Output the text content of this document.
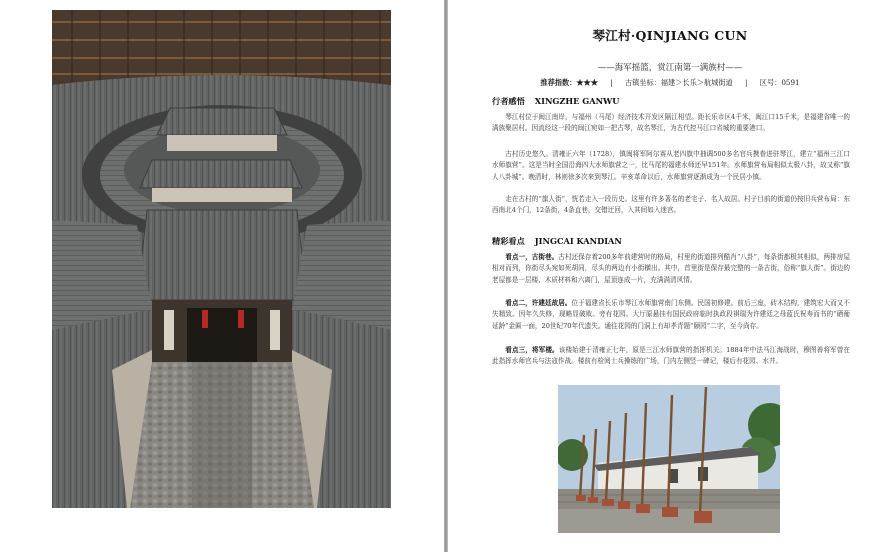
琴江村·QINJIANG CUN
——海军摇篮，赏江南第一满族村——
推荐指数：★★★ | 古镇坐标：福建＞长乐＞航城街道 | 区号：0591
行者感悟 XINGZHE GANWU

琴江村位于闽江南岸，与福州（马尾）经济技术开发区隔江相望。距长乐市区4千米，闽江口15千米，是福建省唯一的满族聚居村。因流经这一段的闽江宛如一把古琴，故名琴江，为古代控马江口省城的重要港口。

古村历史悠久。清雍正六年（1728），镇闽将军阿尔赛从老四旗中抽调500多名官兵携眷进驻琴江，建立“福州三江口水师旗营”。这是当时全国沿海四大水师旗营之一，比马尾的福建水师还早151年。水师旗营布局相似太极八卦，故又称“旗人八卦城”。晚清时，林则徐多次来到琴江。辛亥革命以后，水师旗营逐渐成为一个民居小镇。

走在古村的“旗人街”，恍若走入一段历史。这里有许多著名的老宅子、名人故居。村子目前的街道仍按旧兵营布局：东西南北4个门，12条街，4条直巷，交错迂回，入其间如入迷宫。

精彩看点 JINGCAI KANDIAN

看点一，古街巷。古村还保存着200多年前建营时的格局，村里的街道排列酷肖“八卦”，每条街都极其相似，两排房屋相对而列，你街尽头宛如死胡同，尽头的两边有小街横出。其中，首里街是保存最完整的一条古街，俗称“旗人街”。街边的老屋都是一层楼、木质材料和六离门，屋顶连成一片，充满满清风情。

看点二，许建廷故居。位于福建省长乐市琴江水师旗营南门东侧。民国初修建。前后三座，砖木结构，建筑宏大而又不失精致。因年久失修，现略显破败。旁有花园。大厅原悬挂有国民政府临时执政段祺瑞为许建廷之母蓝氏祝寿而书的“硒葡延龄”金匾一面，20世纪70年代遗失。通往花园的门洞上有却孝青题“颐园”二字，至今尚存。

看点三，将军楼。该楼始建于清雍正七年，原是三江水师旗营的指挥机关。1884年中法马江海战时，穆图善将军曾在此指挥水师官兵与法寇作战。楼前有检阅士兵操练的广场，门内左侧竖一碑记，楼后有花园、水井。
